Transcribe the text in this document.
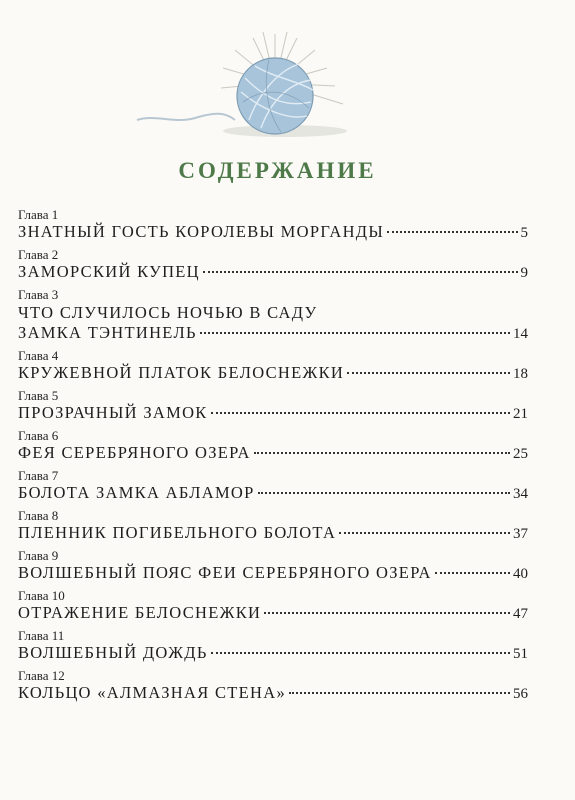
СОДЕРЖАНИЕ
Глава 1
ЗНАТНЫЙ ГОСТЬ КОРОЛЕВЫ МОРГАНДЫ	5
Глава 2
ЗАМОРСКИЙ КУПЕЦ	9
Глава 3
ЧТО СЛУЧИЛОСЬ НОЧЬЮ В САДУ
ЗАМКА ТЭНТИНЕЛЬ	14
Глава 4
КРУЖЕВНОЙ ПЛАТОК БЕЛОСНЕЖКИ	18
Глава 5
ПРОЗРАЧНЫЙ ЗАМОК	21
Глава 6
ФЕЯ СЕРЕБРЯНОГО ОЗЕРА	25
Глава 7
БОЛОТА ЗАМКА АБЛАМОР	34
Глава 8
ПЛЕННИК ПОГИБЕЛЬНОГО БОЛОТА	37
Глава 9
ВОЛШЕБНЫЙ ПОЯС ФЕИ СЕРЕБРЯНОГО ОЗЕРА	40
Глава 10
ОТРАЖЕНИЕ БЕЛОСНЕЖКИ	47
Глава 11
ВОЛШЕБНЫЙ ДОЖДЬ	51
Глава 12
КОЛЬЦО «АЛМАЗНАЯ СТЕНА»	56
